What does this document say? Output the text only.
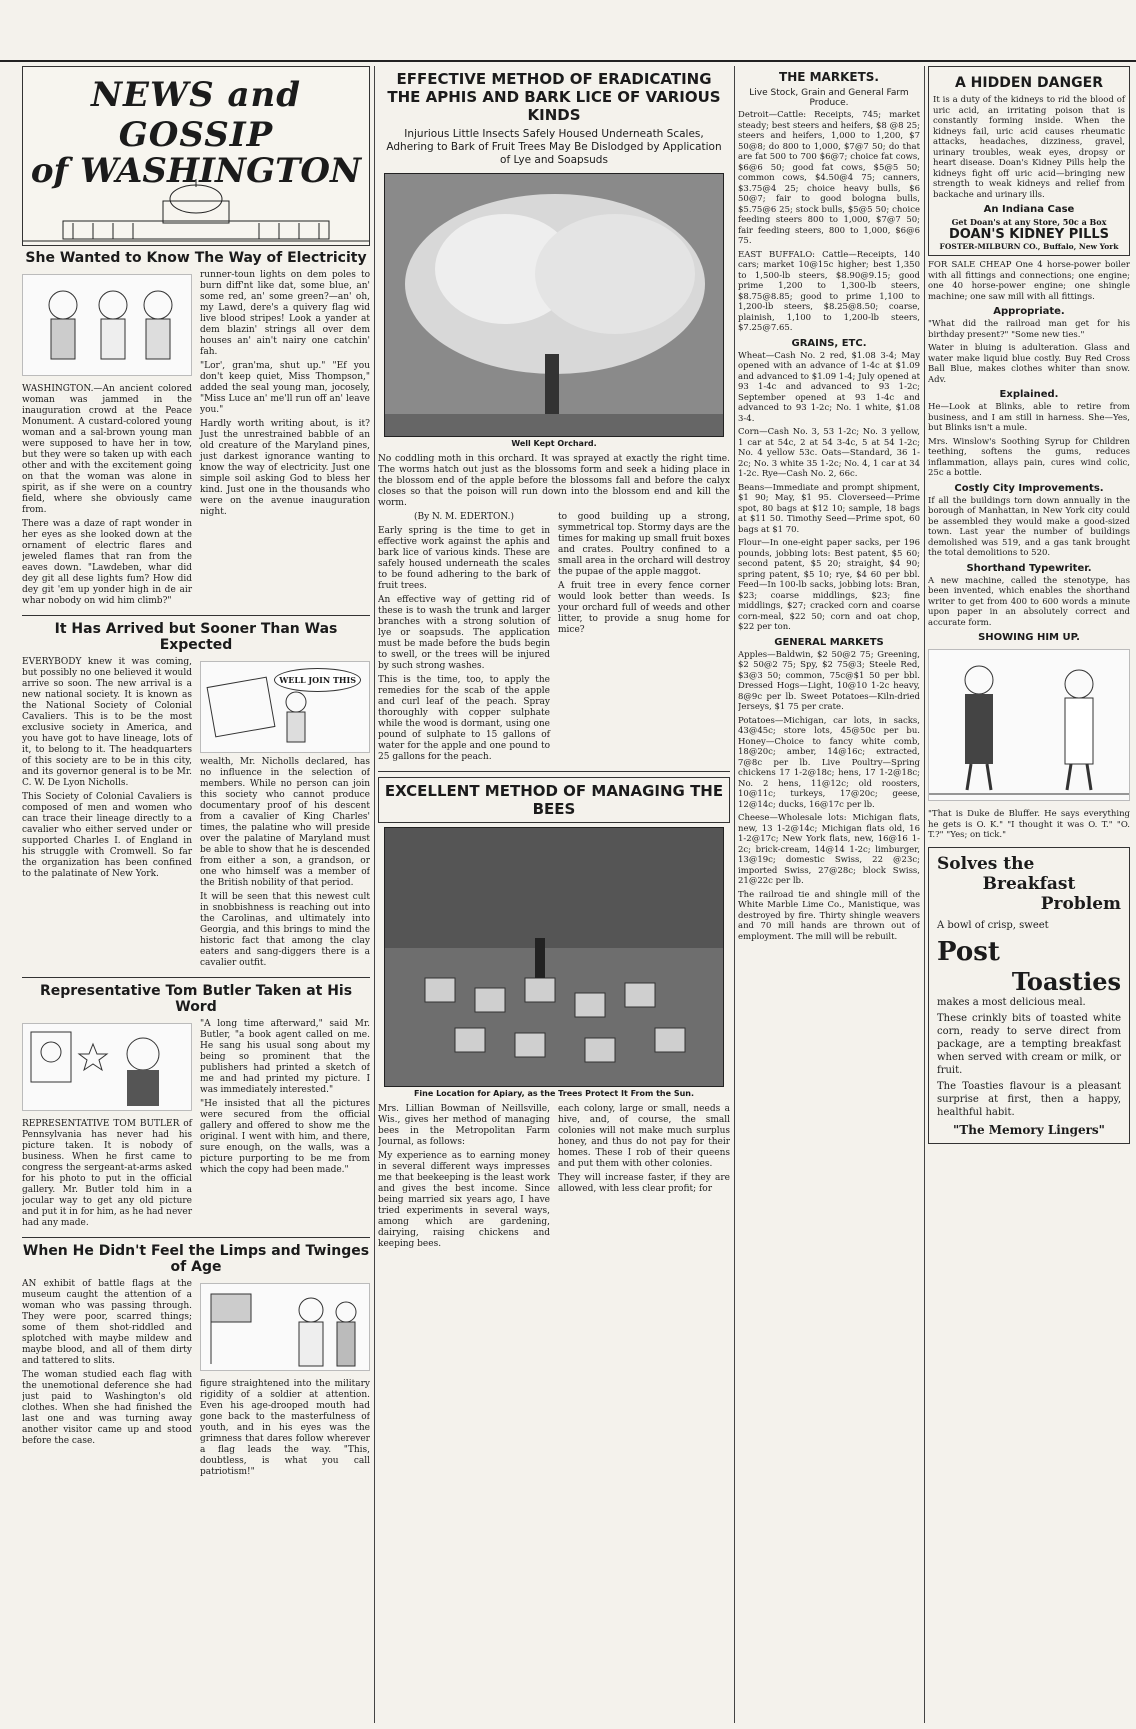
NEWS and GOSSIP
of WASHINGTON
She Wanted to Know The Way of Electricity

WASHINGTON.—An ancient colored woman was jammed in the inauguration crowd at the Peace Monument. A custard-colored young woman and a sal-brown young man were supposed to have her in tow, but they were so taken up with each other and with the excitement going on that the woman was alone in spirit, as if she were on a country field, where she obviously came from.

There was a daze of rapt wonder in her eyes as she looked down at the ornament of electric flares and jeweled flames that ran from the eaves down. "Lawdeben, whar did dey git all dese lights fum? How did dey git 'em up yonder high in de air whar nobody on wid him climb?"

runner-toun lights on dem poles to burn diff'nt like dat, some blue, an' some red, an' some green?—an' oh, my Lawd, dere's a quivery flag wid live blood stripes! Look a yander at dem blazin' strings all over dem houses an' ain't nairy one catchin' fah.

"Lor', gran'ma, shut up." "Ef you don't keep quiet, Miss Thompson," added the seal young man, jocosely, "Miss Luce an' me'll run off an' leave you."

Hardly worth writing about, is it? Just the unrestrained babble of an old creature of the Maryland pines, just darkest ignorance wanting to know the way of electricity. Just one simple soil asking God to bless her kind. Just one in the thousands who were on the avenue inauguration night.

It Has Arrived but Sooner Than Was Expected

EVERYBODY knew it was coming, but possibly no one believed it would arrive so soon. The new arrival is a new national society. It is known as the National Society of Colonial Cavaliers. This is to be the most exclusive society in America, and you have got to have lineage, lots of it, to belong to it. The headquarters of this society are to be in this city, and its governor general is to be Mr. C. W. De Lyon Nicholls.

This Society of Colonial Cavaliers is composed of men and women who can trace their lineage directly to a cavalier who either served under or supported Charles I. of England in his struggle with Cromwell. So far the organization has been confined to the palatinate of New York.

WELL JOIN THIS

wealth, Mr. Nicholls declared, has no influence in the selection of members. While no person can join this society who cannot produce documentary proof of his descent from a cavalier of King Charles' times, the palatine who will preside over the palatine of Maryland must be able to show that he is descended from either a son, a grandson, or one who himself was a member of the British nobility of that period.

It will be seen that this newest cult in snobbishness is reaching out into the Carolinas, and ultimately into Georgia, and this brings to mind the historic fact that among the clay eaters and sang-diggers there is a cavalier outfit.

Representative Tom Butler Taken at His Word

REPRESENTATIVE TOM BUTLER of Pennsylvania has never had his picture taken. It is nobody of business. When he first came to congress the sergeant-at-arms asked for his photo to put in the official gallery. Mr. Butler told him in a jocular way to get any old picture and put it in for him, as he had never had any made.

"A long time afterward," said Mr. Butler, "a book agent called on me. He sang his usual song about my being so prominent that the publishers had printed a sketch of me and had printed my picture. I was immediately interested."

"He insisted that all the pictures were secured from the official gallery and offered to show me the original. I went with him, and there, sure enough, on the walls, was a picture purporting to be me from which the copy had been made."

When He Didn't Feel the Limps and Twinges of Age

AN exhibit of battle flags at the museum caught the attention of a woman who was passing through. They were poor, scarred things; some of them shot-riddled and splotched with maybe mildew and maybe blood, and all of them dirty and tattered to slits.

The woman studied each flag with the unemotional deference she had just paid to Washington's old clothes. When she had finished the last one and was turning away another visitor came up and stood before the case.

figure straightened into the military rigidity of a soldier at attention. Even his age-drooped mouth had gone back to the masterfulness of youth, and in his eyes was the grimness that dares follow wherever a flag leads the way. "This, doubtless, is what you call patriotism!"

EFFECTIVE METHOD OF ERADICATING THE APHIS AND BARK LICE OF VARIOUS KINDS
Injurious Little Insects Safely Housed Underneath Scales, Adhering to Bark of Fruit Trees May Be Dislodged by Application of Lye and Soapsuds
Well Kept Orchard.

No coddling moth in this orchard. It was sprayed at exactly the right time. The worms hatch out just as the blossoms form and seek a hiding place in the blossom end of the apple before the blossoms fall and before the calyx closes so that the poison will run down into the blossom end and kill the worm.

(By N. M. EDERTON.)

Early spring is the time to get in effective work against the aphis and bark lice of various kinds. These are safely housed underneath the scales to be found adhering to the bark of fruit trees.

An effective way of getting rid of these is to wash the trunk and larger branches with a strong solution of lye or soapsuds. The application must be made before the buds begin to swell, or the trees will be injured by such strong washes.

This is the time, too, to apply the remedies for the scab of the apple and curl leaf of the peach. Spray thoroughly with copper sulphate while the wood is dormant, using one pound of sulphate to 15 gallons of water for the apple and one pound to 25 gallons for the peach.

to good building up a strong, symmetrical top. Stormy days are the times for making up small fruit boxes and crates. Poultry confined to a small area in the orchard will destroy the pupae of the apple maggot.

A fruit tree in every fence corner would look better than weeds. Is your orchard full of weeds and other litter, to provide a snug home for mice?

EXCELLENT METHOD OF MANAGING THE BEES
Fine Location for Apiary, as the Trees Protect It From the Sun.

Mrs. Lillian Bowman of Neillsville, Wis., gives her method of managing bees in the Metropolitan Farm Journal, as follows:

My experience as to earning money in several different ways impresses me that beekeeping is the least work and gives the best income. Since being married six years ago, I have tried experiments in several ways, among which are gardening, dairying, raising chickens and keeping bees.

each colony, large or small, needs a hive, and, of course, the small colonies will not make much surplus honey, and thus do not pay for their homes. These I rob of their queens and put them with other colonies.

They will increase faster, if they are allowed, with less clear profit; for

THE MARKETS.
Live Stock, Grain and General Farm Produce.

Detroit—Cattle: Receipts, 745; market steady; best steers and heifers, $8 @8 25; steers and heifers, 1,000 to 1,200, $7 50@8; do 800 to 1,000, $7@7 50; do that are fat 500 to 700 $6@7; choice fat cows, $6@6 50; good fat cows, $5@5 50; common cows, $4.50@4 75; canners, $3.75@4 25; choice heavy bulls, $6 50@7; fair to good bologna bulls, $5.75@6 25; stock bulls, $5@5 50; choice feeding steers 800 to 1,000, $7@7 50; fair feeding steers, 800 to 1,000, $6@6 75.

EAST BUFFALO: Cattle—Receipts, 140 cars; market 10@15c higher; best 1,350 to 1,500-lb steers, $8.90@9.15; good prime 1,200 to 1,300-lb steers, $8.75@8.85; good to prime 1,100 to 1,200-lb steers, $8.25@8.50; coarse, plainish, 1,100 to 1,200-lb steers, $7.25@7.65.

GRAINS, ETC.

Wheat—Cash No. 2 red, $1.08 3-4; May opened with an advance of 1-4c at $1.09 and advanced to $1.09 1-4; July opened at 93 1-4c and advanced to 93 1-2c; September opened at 93 1-4c and advanced to 93 1-2c; No. 1 white, $1.08 3-4.

Corn—Cash No. 3, 53 1-2c; No. 3 yellow, 1 car at 54c, 2 at 54 3-4c, 5 at 54 1-2c; No. 4 yellow 53c. Oats—Standard, 36 1-2c; No. 3 white 35 1-2c; No. 4, 1 car at 34 1-2c. Rye—Cash No. 2, 66c.

Beans—Immediate and prompt shipment, $1 90; May, $1 95. Cloverseed—Prime spot, 80 bags at $12 10; sample, 18 bags at $11 50. Timothy Seed—Prime spot, 60 bags at $1 70.

Flour—In one-eight paper sacks, per 196 pounds, jobbing lots: Best patent, $5 60; second patent, $5 20; straight, $4 90; spring patent, $5 10; rye, $4 60 per bbl. Feed—In 100-lb sacks, jobbing lots: Bran, $23; coarse middlings, $23; fine middlings, $27; cracked corn and coarse corn-meal, $22 50; corn and oat chop, $22 per ton.

GENERAL MARKETS

Apples—Baldwin, $2 50@2 75; Greening, $2 50@2 75; Spy, $2 75@3; Steele Red, $3@3 50; common, 75c@$1 50 per bbl. Dressed Hogs—Light, 10@10 1-2c heavy, 8@9c per lb. Sweet Potatoes—Kiln-dried Jerseys, $1 75 per crate.

Potatoes—Michigan, car lots, in sacks, 43@45c; store lots, 45@50c per bu. Honey—Choice to fancy white comb, 18@20c; amber, 14@16c; extracted, 7@8c per lb. Live Poultry—Spring chickens 17 1-2@18c; hens, 17 1-2@18c; No. 2 hens, 11@12c; old roosters, 10@11c; turkeys, 17@20c; geese, 12@14c; ducks, 16@17c per lb.

Cheese—Wholesale lots: Michigan flats, new, 13 1-2@14c; Michigan flats old, 16 1-2@17c; New York flats, new, 16@16 1-2c; brick-cream, 14@14 1-2c; limburger, 13@19c; domestic Swiss, 22 @23c; imported Swiss, 27@28c; block Swiss, 21@22c per lb.

The railroad tie and shingle mill of the White Marble Lime Co., Manistique, was destroyed by fire. Thirty shingle weavers and 70 mill hands are thrown out of employment. The mill will be rebuilt.

A HIDDEN DANGER

It is a duty of the kidneys to rid the blood of uric acid, an irritating poison that is constantly forming inside. When the kidneys fail, uric acid causes rheumatic attacks, headaches, dizziness, gravel, urinary troubles, weak eyes, dropsy or heart disease. Doan's Kidney Pills help the kidneys fight off uric acid—bringing new strength to weak kidneys and relief from backache and urinary ills.

An Indiana Case
Get Doan's at any Store, 50c a Box
DOAN'S KIDNEY PILLS
FOSTER-MILBURN CO., Buffalo, New York

FOR SALE CHEAP One 4 horse-power boiler with all fittings and connections; one engine; one 40 horse-power engine; one shingle machine; one saw mill with all fittings.

Appropriate.

"What did the railroad man get for his birthday present?" "Some new ties."

Water in bluing is adulteration. Glass and water make liquid blue costly. Buy Red Cross Ball Blue, makes clothes whiter than snow. Adv.

Explained.

He—Look at Blinks, able to retire from business, and I am still in harness. She—Yes, but Blinks isn't a mule.

Mrs. Winslow's Soothing Syrup for Children teething, softens the gums, reduces inflammation, allays pain, cures wind colic, 25c a bottle.

Costly City Improvements.

If all the buildings torn down annually in the borough of Manhattan, in New York city could be assembled they would make a good-sized town. Last year the number of buildings demolished was 519, and a gas tank brought the total demolitions to 520.

Shorthand Typewriter.

A new machine, called the stenotype, has been invented, which enables the shorthand writer to get from 400 to 600 words a minute upon paper in an absolutely correct and accurate form.

SHOWING HIM UP.

"That is Duke de Bluffer. He says everything he gets is O. K." "I thought it was O. T." "O. T.?" "Yes; on tick."

Solves the
Breakfast
Problem
A bowl of crisp, sweet
Post
Toasties

makes a most delicious meal.

These crinkly bits of toasted white corn, ready to serve direct from package, are a tempting breakfast when served with cream or milk, or fruit.

The Toasties flavour is a pleasant surprise at first, then a happy, healthful habit.

"The Memory Lingers"
